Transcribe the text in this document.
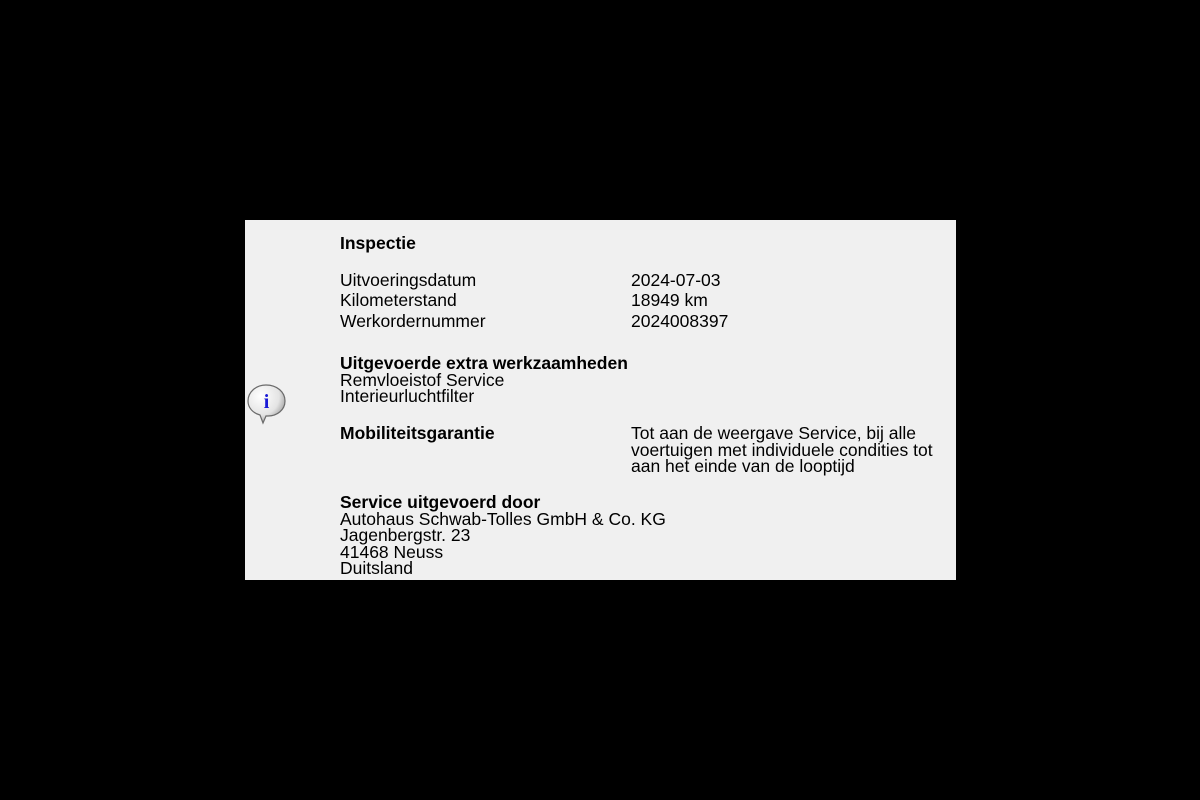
Inspectie
Uitvoeringsdatum	2024-07-03
Kilometerstand	18949 km
Werkordernummer	2024008397
Uitgevoerde extra werkzaamheden
Remvloeistof Service
Interieurluchtfilter
i
Mobiliteitsgarantie	Tot aan de weergave Service, bij alle
voertuigen met individuele condities tot
aan het einde van de looptijd
Service uitgevoerd door
Autohaus Schwab-Tolles GmbH & Co. KG
Jagenbergstr. 23
41468 Neuss
Duitsland
